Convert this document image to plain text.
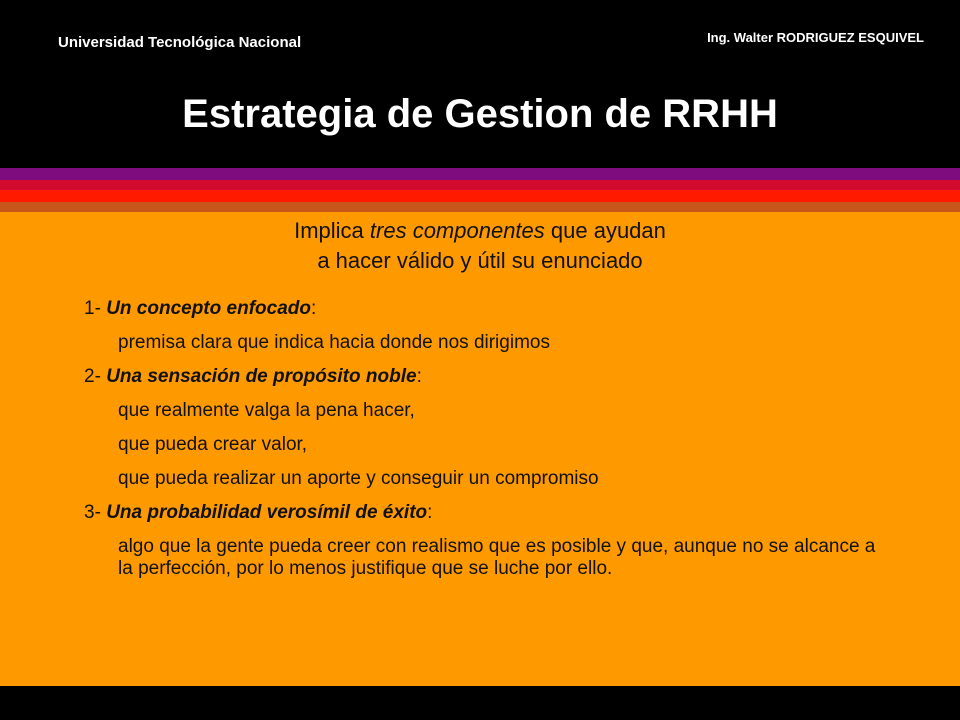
Universidad Tecnológica Nacional	Ing. Walter RODRIGUEZ ESQUIVEL
Estrategia de Gestion de RRHH
Implica tres componentes que ayudan
a hacer válido y útil su enunciado
1- Un concepto enfocado:
premisa clara que indica hacia donde nos dirigimos
2- Una sensación de propósito noble:
que realmente valga la pena hacer,
que pueda crear valor,
que pueda realizar un aporte y conseguir un compromiso
3- Una probabilidad verosímil de éxito:
algo que la gente pueda creer con realismo que es posible y que, aunque no se alcance a la perfección, por lo menos justifique que se luche por ello.
